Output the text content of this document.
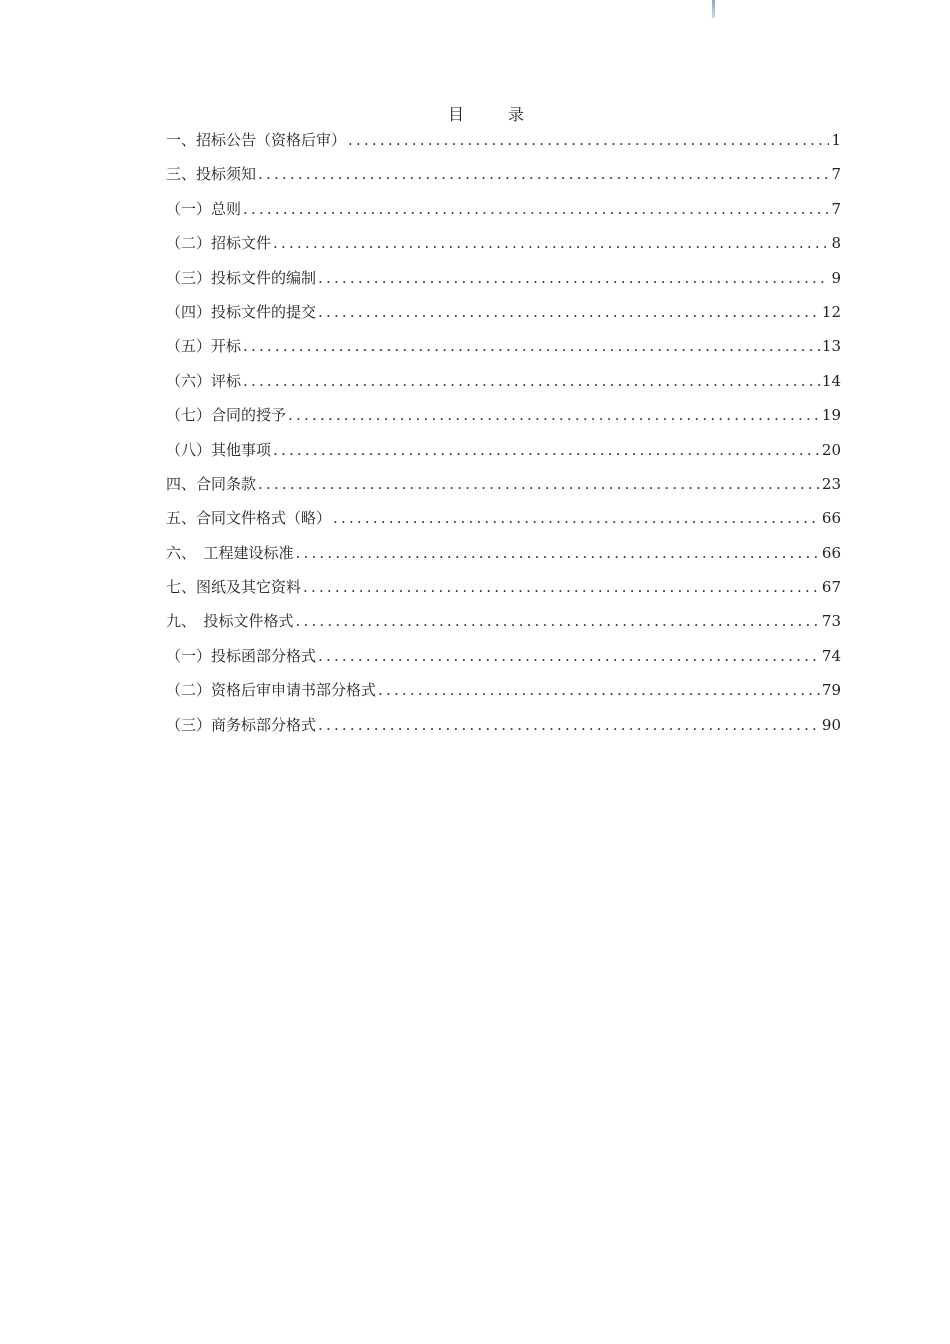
目　录
一、招标公告（资格后审） .....	1
三、投标须知 .....	7
（一）总则 .....	7
（二）招标文件 .....	8
（三）投标文件的编制 .....	9
（四）投标文件的提交 .....	12
（五）开标 .....	13
（六）评标 .....	14
（七）合同的授予 .....	19
（八）其他事项 .....	20
四、合同条款 .....	23
五、合同文件格式（略） .....	66
六、　工程建设标准 .....	66
七、图纸及其它资料 .....	67
九、　投标文件格式 .....	73
（一）投标函部分格式 .....	74
（二）资格后审申请书部分格式 .....	79
（三）商务标部分格式 .....	90
